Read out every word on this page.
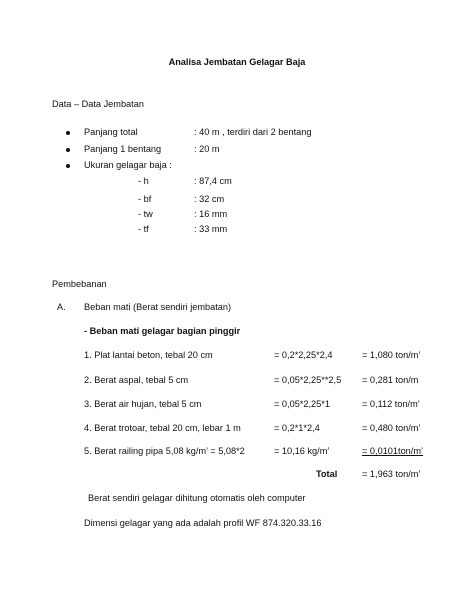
Analisa Jembatan Gelagar Baja
Data – Data Jembatan
Panjang total	: 40 m , terdiri dari 2 bentang
Panjang 1 bentang	: 20 m
Ukuran gelagar baja :
- h	: 87,4 cm
- bf	: 32 cm
- tw	: 16 mm
- tf	: 33 mm
Pembebanan
A. Beban mati (Berat sendiri jembatan)
- Beban mati gelagar bagian pinggir
1. Plat lantai beton, tebal 20 cm	= 0,2*2,25*2,4	= 1,080 ton/m’
2. Berat aspal, tebal 5 cm	= 0,05*2,25**2,5 = 0,281 ton/m
3. Berat air hujan, tebal 5 cm	= 0,05*2,25*1	= 0,112 ton/m’
4. Berat trotoar, tebal 20 cm, lebar 1 m	= 0,2*1*2,4	= 0,480 ton/m’
5. Berat railing pipa 5,08 kg/m’ = 5,08*2	= 10,16 kg/m’	= 0,0101ton/m’
Total	= 1,963 ton/m’
Berat sendiri gelagar dihitung otomatis oleh computer
Dimensi gelagar yang ada adalah profil WF 874.320.33.16
